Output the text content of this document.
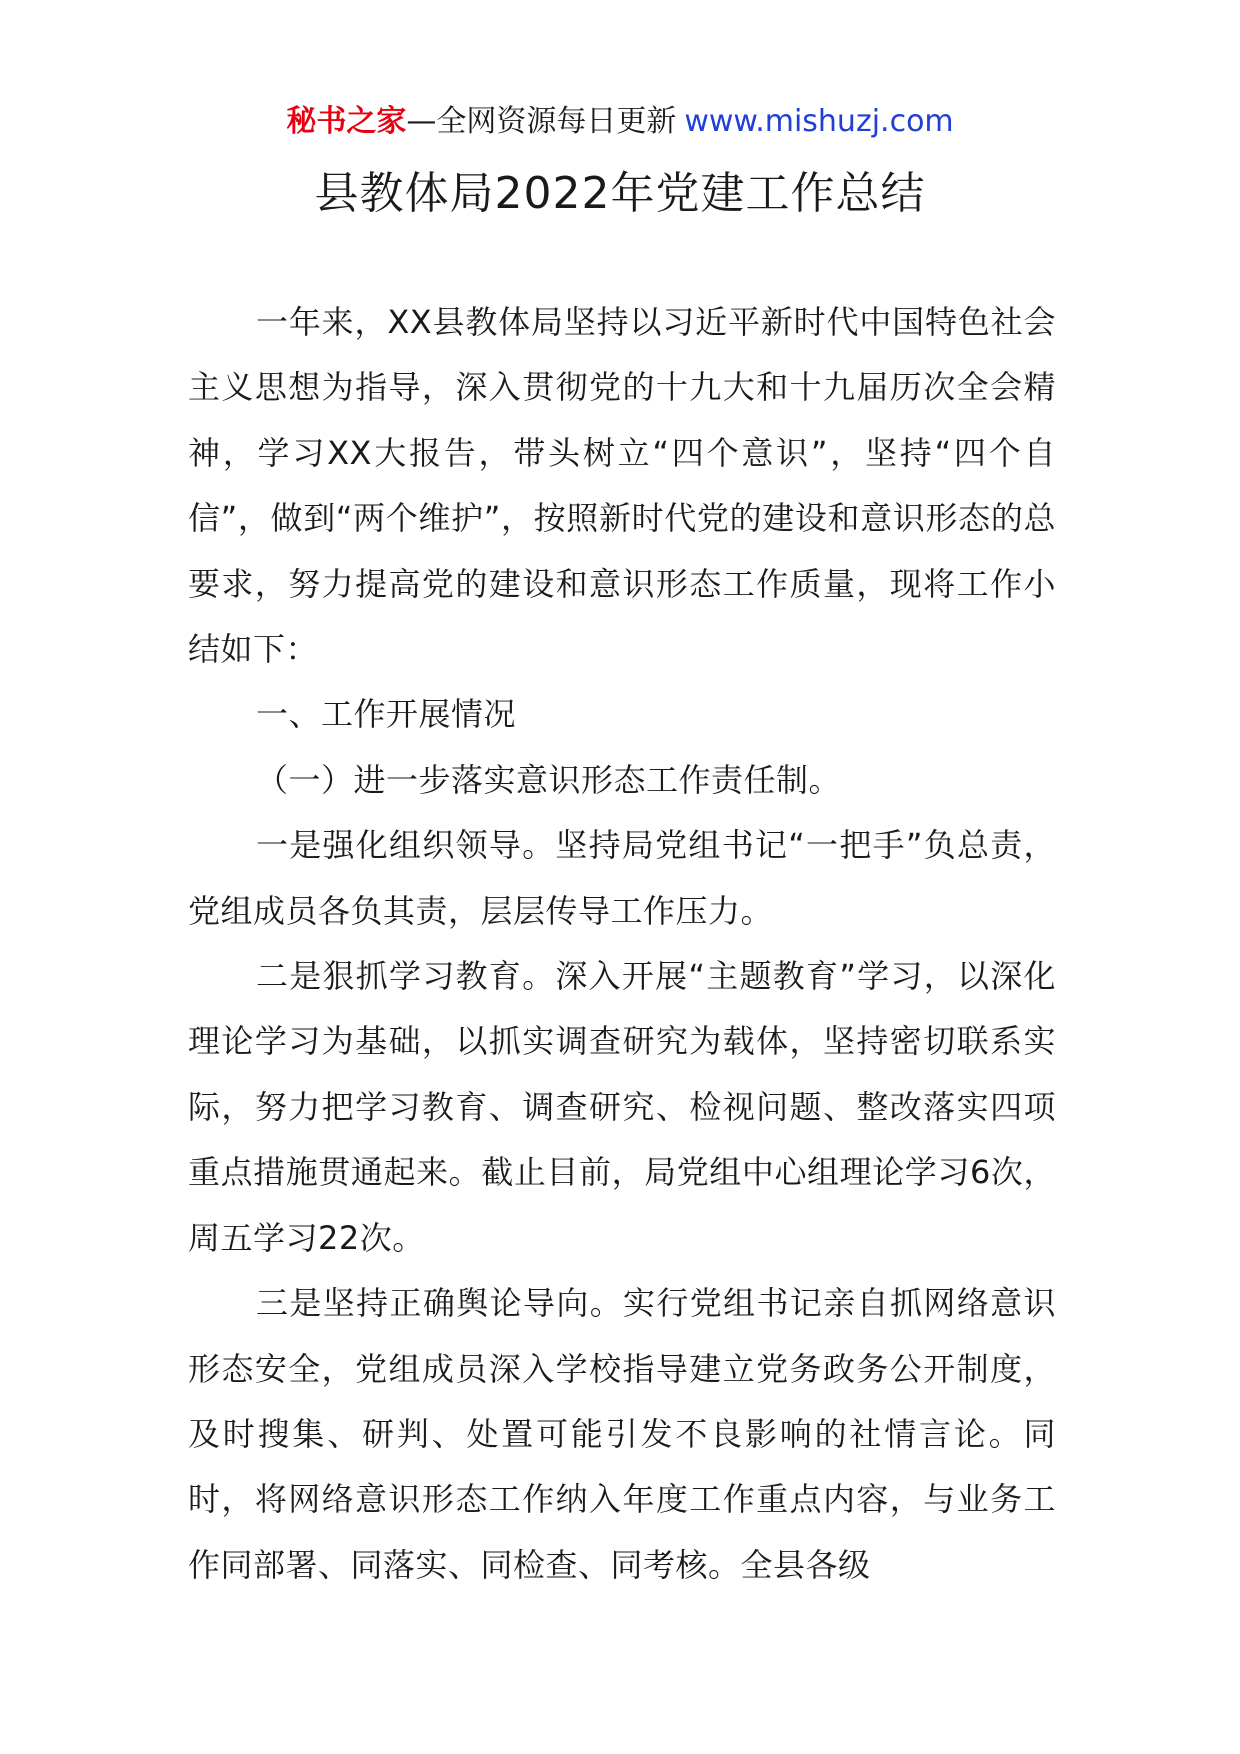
秘书之家—全网资源每日更新 www.mishuzj.com
县教体局2022年党建工作总结

一年来，XX县教体局坚持以习近平新时代中国特色社会主义思想为指导，深入贯彻党的十九大和十九届历次全会精神，学习XX大报告，带头树立“四个意识”，坚持“四个自信”，做到“两个维护”，按照新时代党的建设和意识形态的总要求，努力提高党的建设和意识形态工作质量，现将工作小结如下：

一、工作开展情况

（一）进一步落实意识形态工作责任制。

一是强化组织领导。坚持局党组书记“一把手”负总责，党组成员各负其责，层层传导工作压力。

二是狠抓学习教育。深入开展“主题教育”学习，以深化理论学习为基础，以抓实调查研究为载体，坚持密切联系实际，努力把学习教育、调查研究、检视问题、整改落实四项重点措施贯通起来。截止目前，局党组中心组理论学习6次，周五学习22次。

三是坚持正确舆论导向。实行党组书记亲自抓网络意识形态安全，党组成员深入学校指导建立党务政务公开制度，及时搜集、研判、处置可能引发不良影响的社情言论。同时，将网络意识形态工作纳入年度工作重点内容，与业务工作同部署、同落实、同检查、同考核。全县各级
